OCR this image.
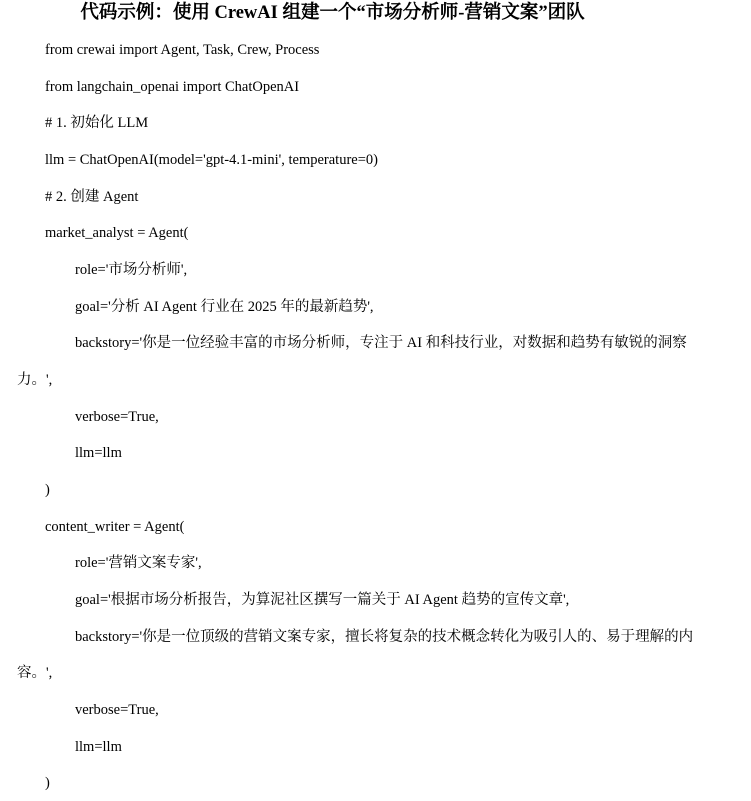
代码示例：使用 CrewAI 组建一个“市场分析师-营销文案”团队
from crewai import Agent, Task, Crew, Process
from langchain_openai import ChatOpenAI
# 1. 初始化 LLM
llm = ChatOpenAI(model='gpt-4.1-mini', temperature=0)
# 2. 创建 Agent
market_analyst = Agent(
role='市场分析师',
goal='分析 AI Agent 行业在 2025 年的最新趋势',
backstory='你是一位经验丰富的市场分析师，专注于 AI 和科技行业，对数据和趋势有敏锐的洞察
力。',
verbose=True,
llm=llm
)
content_writer = Agent(
role='营销文案专家',
goal='根据市场分析报告，为算泥社区撰写一篇关于 AI Agent 趋势的宣传文章',
backstory='你是一位顶级的营销文案专家，擅长将复杂的技术概念转化为吸引人的、易于理解的内
容。',
verbose=True,
llm=llm
)
